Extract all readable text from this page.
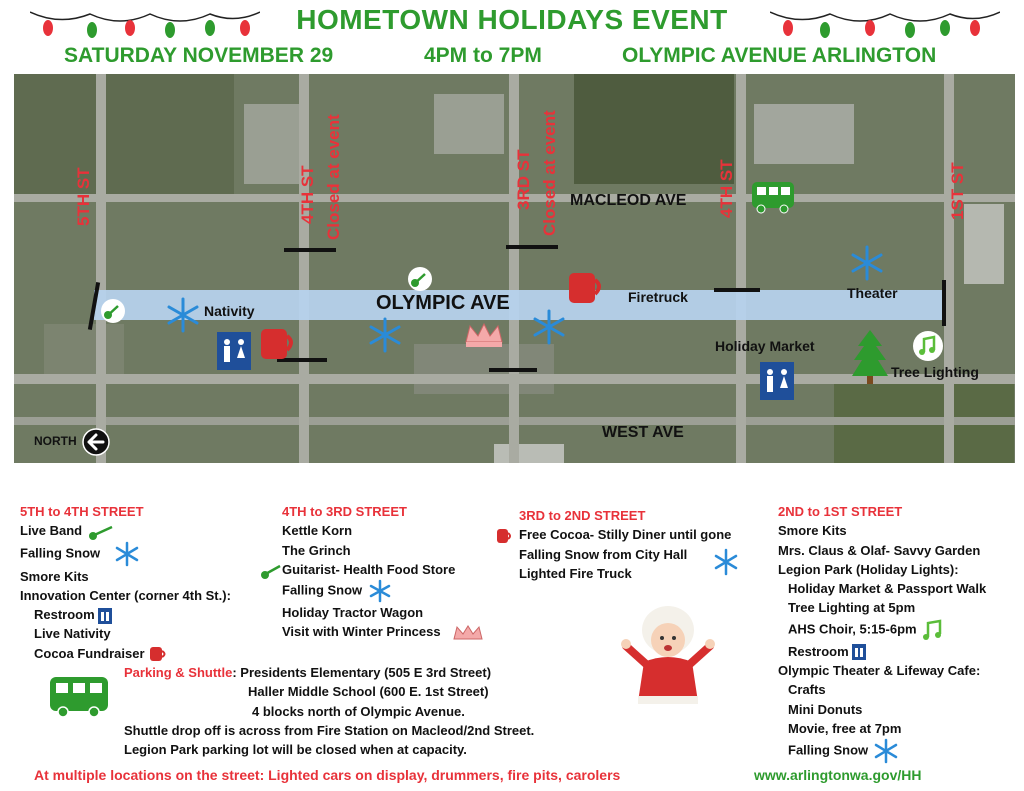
HOMETOWN HOLIDAYS EVENT
SATURDAY NOVEMBER 29	4PM to 7PM	OLYMPIC AVENUE ARLINGTON
5TH ST	4TH ST Closed at event	3RD ST Closed at event	4TH ST	1ST ST
MACLEOD AVE
OLYMPIC AVE
WEST AVE
Nativity
Firetruck	Theater
Holiday Market
Tree Lighting
NORTH
5TH to 4TH STREET
Live Band
Falling Snow
Smore Kits
Innovation Center (corner 4th St.):
Restroom
Live Nativity
Cocoa Fundraiser
4TH to 3RD STREET
Kettle Korn
The Grinch
Guitarist- Health Food Store
Falling Snow
Holiday Tractor Wagon
Visit with Winter Princess
3RD to 2ND STREET
Free Cocoa- Stilly Diner until gone
Falling Snow from City Hall
Lighted Fire Truck
2ND to 1ST STREET
Smore Kits
Mrs. Claus & Olaf- Savvy Garden
Legion Park (Holiday Lights):
Holiday Market & Passport Walk
Tree Lighting at 5pm
AHS Choir, 5:15-6pm
Restroom
Olympic Theater & Lifeway Cafe:
Crafts
Mini Donuts
Movie, free at 7pm
Falling Snow
Parking & Shuttle: Presidents Elementary (505 E 3rd Street)
Haller Middle School (600 E. 1st Street)
4 blocks north of Olympic Avenue.
Shuttle drop off is across from Fire Station on Macleod/2nd Street.
Legion Park parking lot will be closed when at capacity.
At multiple locations on the street: Lighted cars on display, drummers, fire pits, carolers	www.arlingtonwa.gov/HH
